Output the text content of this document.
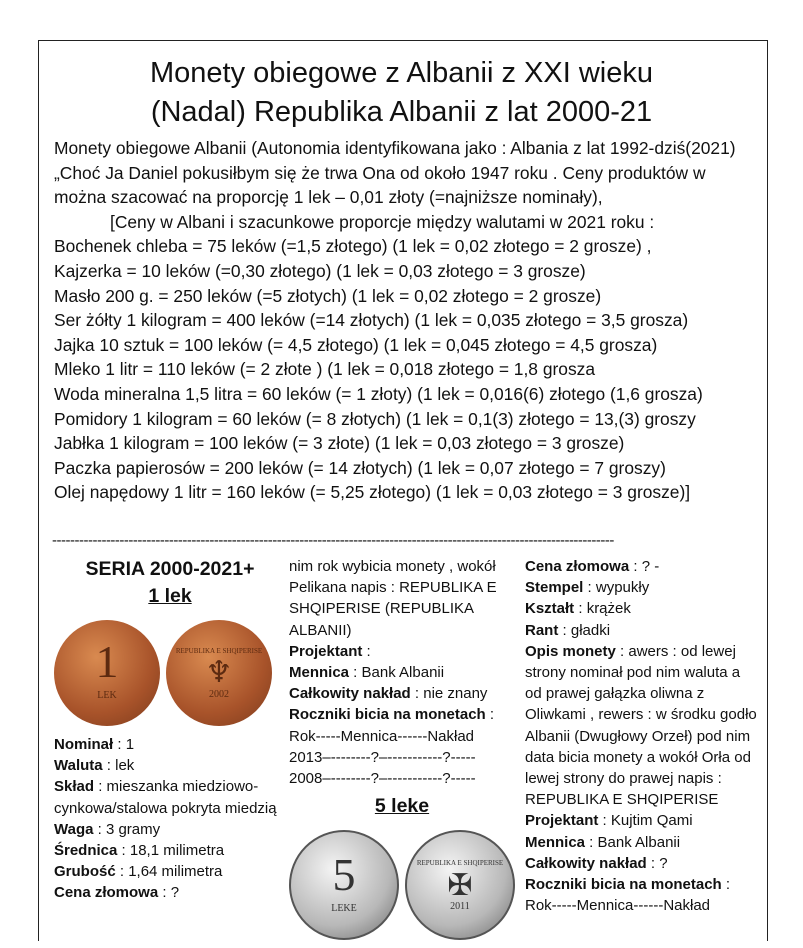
Monety obiegowe z Albanii z XXI wieku
(Nadal) Republika Albanii z lat 2000-21

Monety obiegowe Albanii (Autonomia identyfikowana jako : Albania z lat 1992-dziś(2021) „Choć Ja Daniel pokusiłbym się że trwa Ona od około 1947 roku . Ceny produktów w można szacować na proporcję 1 lek – 0,01 złoty (=najniższe nominały),

[Ceny w Albani i szacunkowe proporcje między walutami w 2021 roku :

Bochenek chleba = 75 leków (=1,5 złotego) (1 lek = 0,02 złotego = 2 grosze) ,
Kajzerka = 10 leków (=0,30 złotego) (1 lek = 0,03 złotego = 3 grosze)
Masło 200 g. = 250 leków (=5 złotych) (1 lek = 0,02 złotego = 2 grosze)
Ser żółty 1 kilogram = 400 leków (=14 złotych) (1 lek = 0,035 złotego = 3,5 grosza)
Jajka 10 sztuk = 100 leków (= 4,5 złotego) (1 lek = 0,045 złotego = 4,5 grosza)
Mleko 1 litr = 110 leków (= 2 złote ) (1 lek = 0,018 złotego = 1,8 grosza
Woda mineralna 1,5 litra = 60 leków (= 1 złoty) (1 lek = 0,016(6) złotego (1,6 grosza)
Pomidory 1 kilogram = 60 leków (= 8 złotych) (1 lek = 0,1(3) złotego = 13,(3) groszy
Jabłka 1 kilogram = 100 leków (= 3 złote) (1 lek = 0,03 złotego = 3 grosze)
Paczka papierosów = 200 leków (= 14 złotych) (1 lek = 0,07 złotego = 7 groszy)
Olej napędowy 1 litr = 160 leków (= 5,25 złotego) (1 lek = 0,03 złotego = 3 grosze)]
-----------------------------------------------------------------------------------------------------------------------------
SERIA 2000-2021+
1 lek
1
LEK
REPUBLIKA E SHQIPERISE
♆
2002
Nominał : 1
Waluta : lek
Skład : mieszanka miedziowo-cynkowa/stalowa pokryta miedzią
Waga : 3 gramy
Średnica : 18,1 milimetra
Grubość : 1,64 milimetra
Cena złomowa : ?
nim rok wybicia monety , wokół Pelikana napis : REPUBLIKA E SHQIPERISE (REPUBLIKA ALBANII)
Projektant :
Mennica : Bank Albanii
Całkowity nakład : nie znany
Roczniki bicia na monetach :
Rok-----Mennica------Nakład
2013–--------?–-----------?-----
2008–--------?–-----------?-----
5 leke
5
LEKE
REPUBLIKA E SHQIPERISE
✠
2011
Cena złomowa : ? -
Stempel : wypukły
Kształt : krążek
Rant : gładki
Opis monety : awers : od lewej strony nominał pod nim waluta a od prawej gałązka oliwna z Oliwkami , rewers : w środku godło Albanii (Dwugłowy Orzeł) pod nim data bicia monety a wokół Orła od lewej strony do prawej napis : REPUBLIKA E SHQIPERISE
Projektant : Kujtim Qami
Mennica : Bank Albanii
Całkowity nakład : ?
Roczniki bicia na monetach :
Rok-----Mennica------Nakład
